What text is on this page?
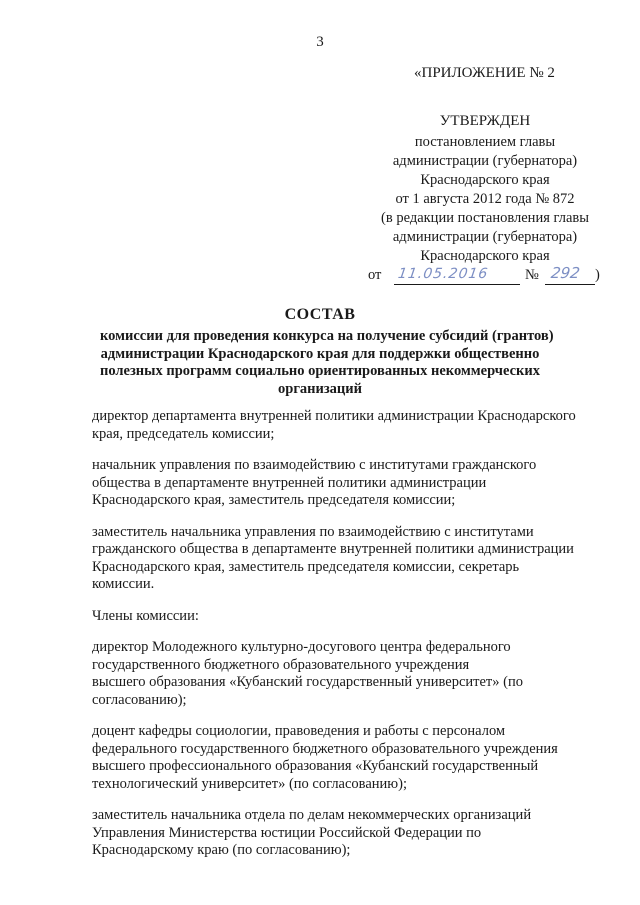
3
«ПРИЛОЖЕНИЕ № 2
УТВЕРЖДЕН
постановлением главы
администрации (губернатора)
Краснодарского края
от 1 августа 2012 года № 872
(в редакции постановления главы
администрации (губернатора)
Краснодарского края
от 11.05.2016 № 292 )
СОСТАВ
комиссии для проведения конкурса на получение субсидий (грантов)
администрации Краснодарского края для поддержки общественно
полезных программ социально ориентированных некоммерческих
организаций
директор департамента внутренней политики администрации Краснодарского
края, председатель комиссии;
начальник управления по взаимодействию с институтами гражданского
общества в департаменте внутренней политики администрации
Краснодарского края, заместитель председателя комиссии;
заместитель начальника управления по взаимодействию с институтами
гражданского общества в департаменте внутренней политики администрации
Краснодарского края, заместитель председателя комиссии, секретарь
комиссии.
Члены комиссии:
директор Молодежного культурно-досугового центра федерального
государственного бюджетного образовательного учреждения
высшего образования «Кубанский государственный университет» (по
согласованию);
доцент кафедры социологии, правоведения и работы с персоналом
федерального государственного бюджетного образовательного учреждения
высшего профессионального образования «Кубанский государственный
технологический университет» (по согласованию);
заместитель начальника отдела по делам некоммерческих организаций
Управления Министерства юстиции Российской Федерации по
Краснодарскому краю (по согласованию);
